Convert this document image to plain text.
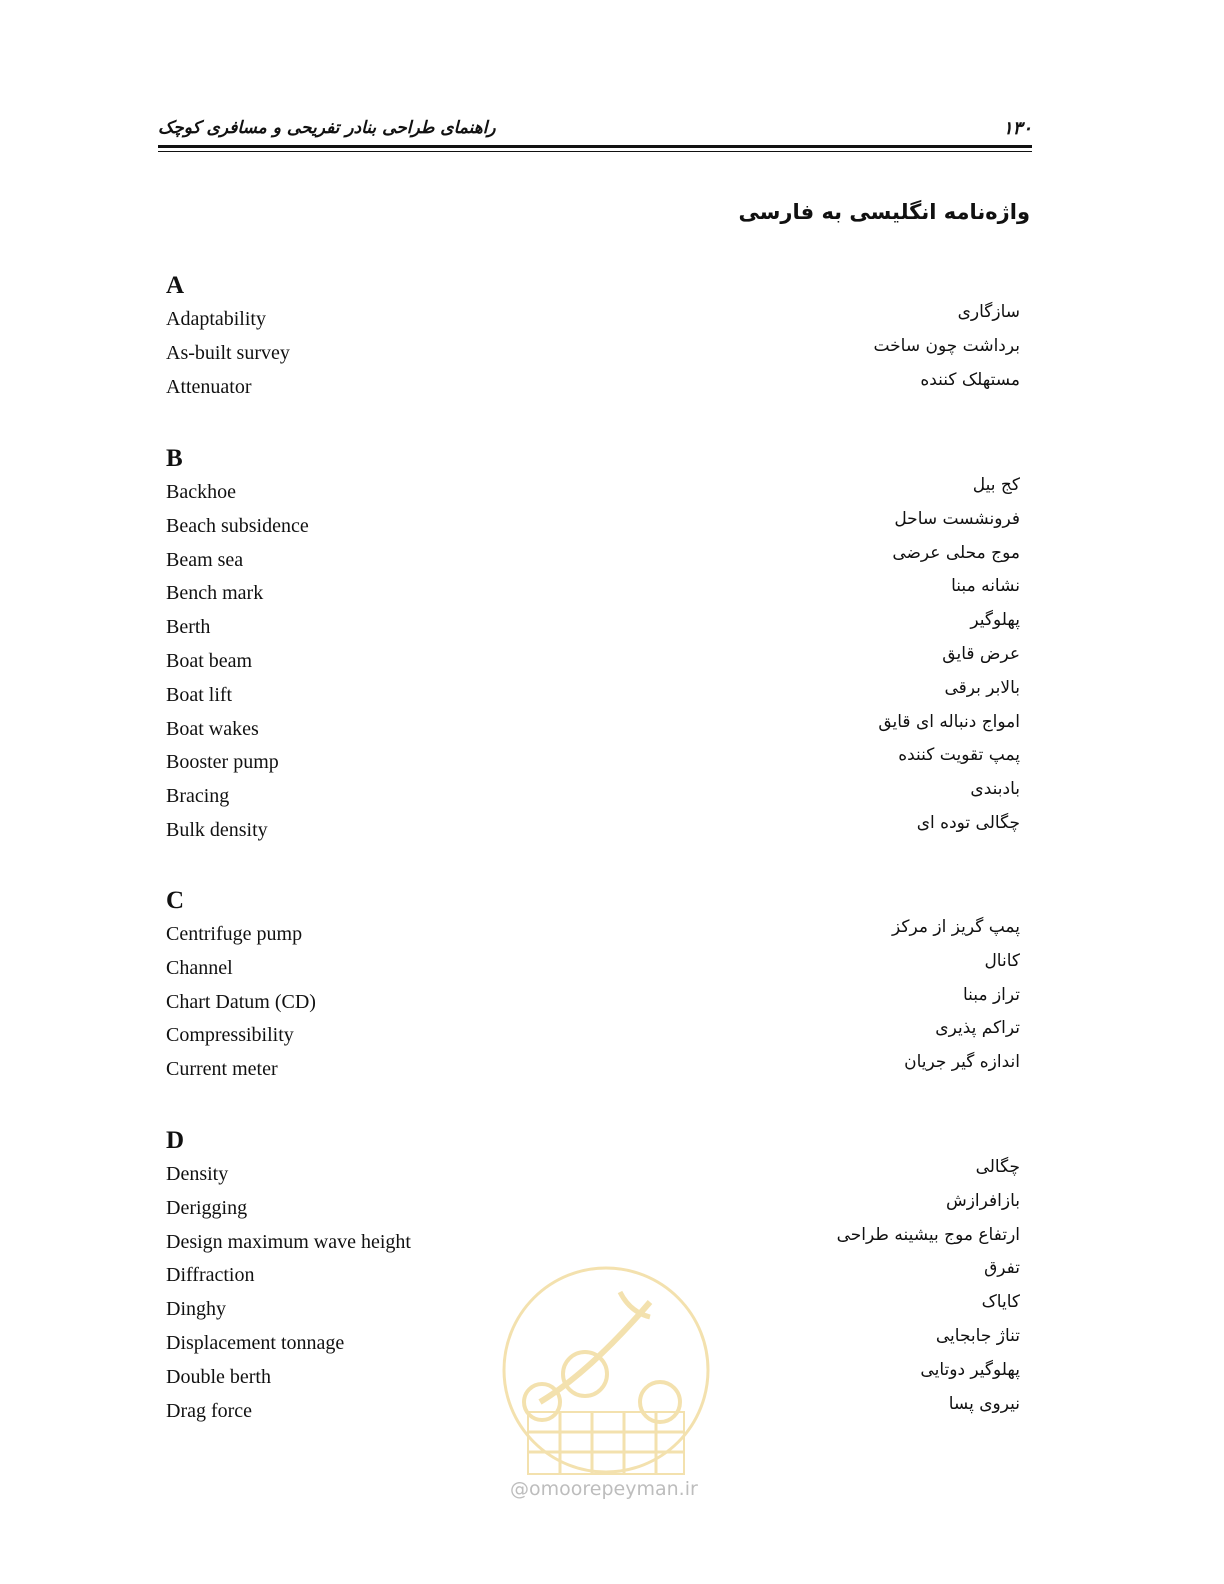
راهنمای طراحی بنادر تفریحی و مسافری کوچک	۱۳۰
واژه‌نامه انگلیسی به فارسی
A
Adaptability	سازگاری
As-built survey	برداشت چون ساخت
Attenuator	مستهلک کننده
B
Backhoe	کج بیل
Beach subsidence	فرونشست ساحل
Beam sea	موج محلی عرضی
Bench mark	نشانه مبنا
Berth	پهلوگیر
Boat beam	عرض قایق
Boat lift	بالابر برقی
Boat wakes	امواج دنباله ای قایق
Booster pump	پمپ تقویت کننده
Bracing	بادبندی
Bulk density	چگالی توده ای
C
Centrifuge pump	پمپ گریز از مرکز
Channel	کانال
Chart Datum (CD)	تراز مبنا
Compressibility	تراکم پذیری
Current meter	اندازه گیر جریان
D
Density	چگالی
Derigging	بازافرازش
Design maximum wave height	ارتفاع موج بیشینه طراحی
Diffraction	تفرق
Dinghy	کایاک
Displacement tonnage	تناژ جابجایی
Double berth	پهلوگیر دوتایی
Drag force	نیروی پسا
@omoorepeyman.ir
